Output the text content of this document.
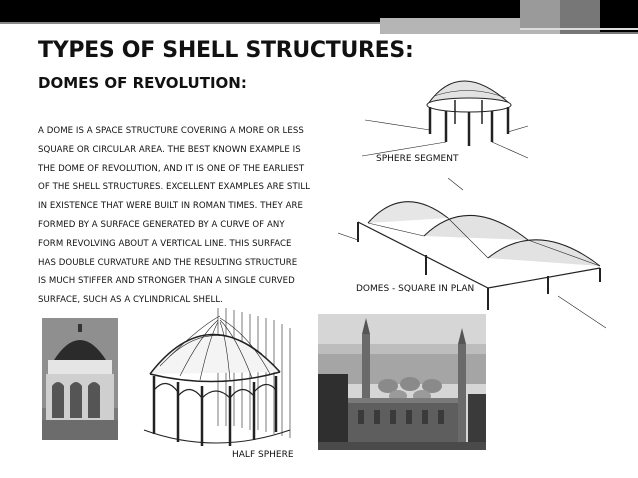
TYPES OF SHELL STRUCTURES:
DOMES OF REVOLUTION:
A DOME IS A SPACE STRUCTURE COVERING A MORE OR LESS
SQUARE OR CIRCULAR AREA. THE BEST KNOWN EXAMPLE IS
THE DOME OF REVOLUTION, AND IT IS ONE OF THE EARLIEST
OF THE SHELL STRUCTURES. EXCELLENT EXAMPLES ARE STILL
IN EXISTENCE THAT WERE BUILT IN ROMAN TIMES. THEY ARE
FORMED BY A SURFACE GENERATED BY A CURVE OF ANY
FORM REVOLVING ABOUT A VERTICAL LINE. THIS SURFACE
HAS DOUBLE CURVATURE AND THE RESULTING STRUCTURE
IS MUCH STIFFER AND STRONGER THAN A SINGLE CURVED
SURFACE, SUCH AS A CYLINDRICAL SHELL.
SPHERE SEGMENT
DOMES - SQUARE IN PLAN
HALF SPHERE
